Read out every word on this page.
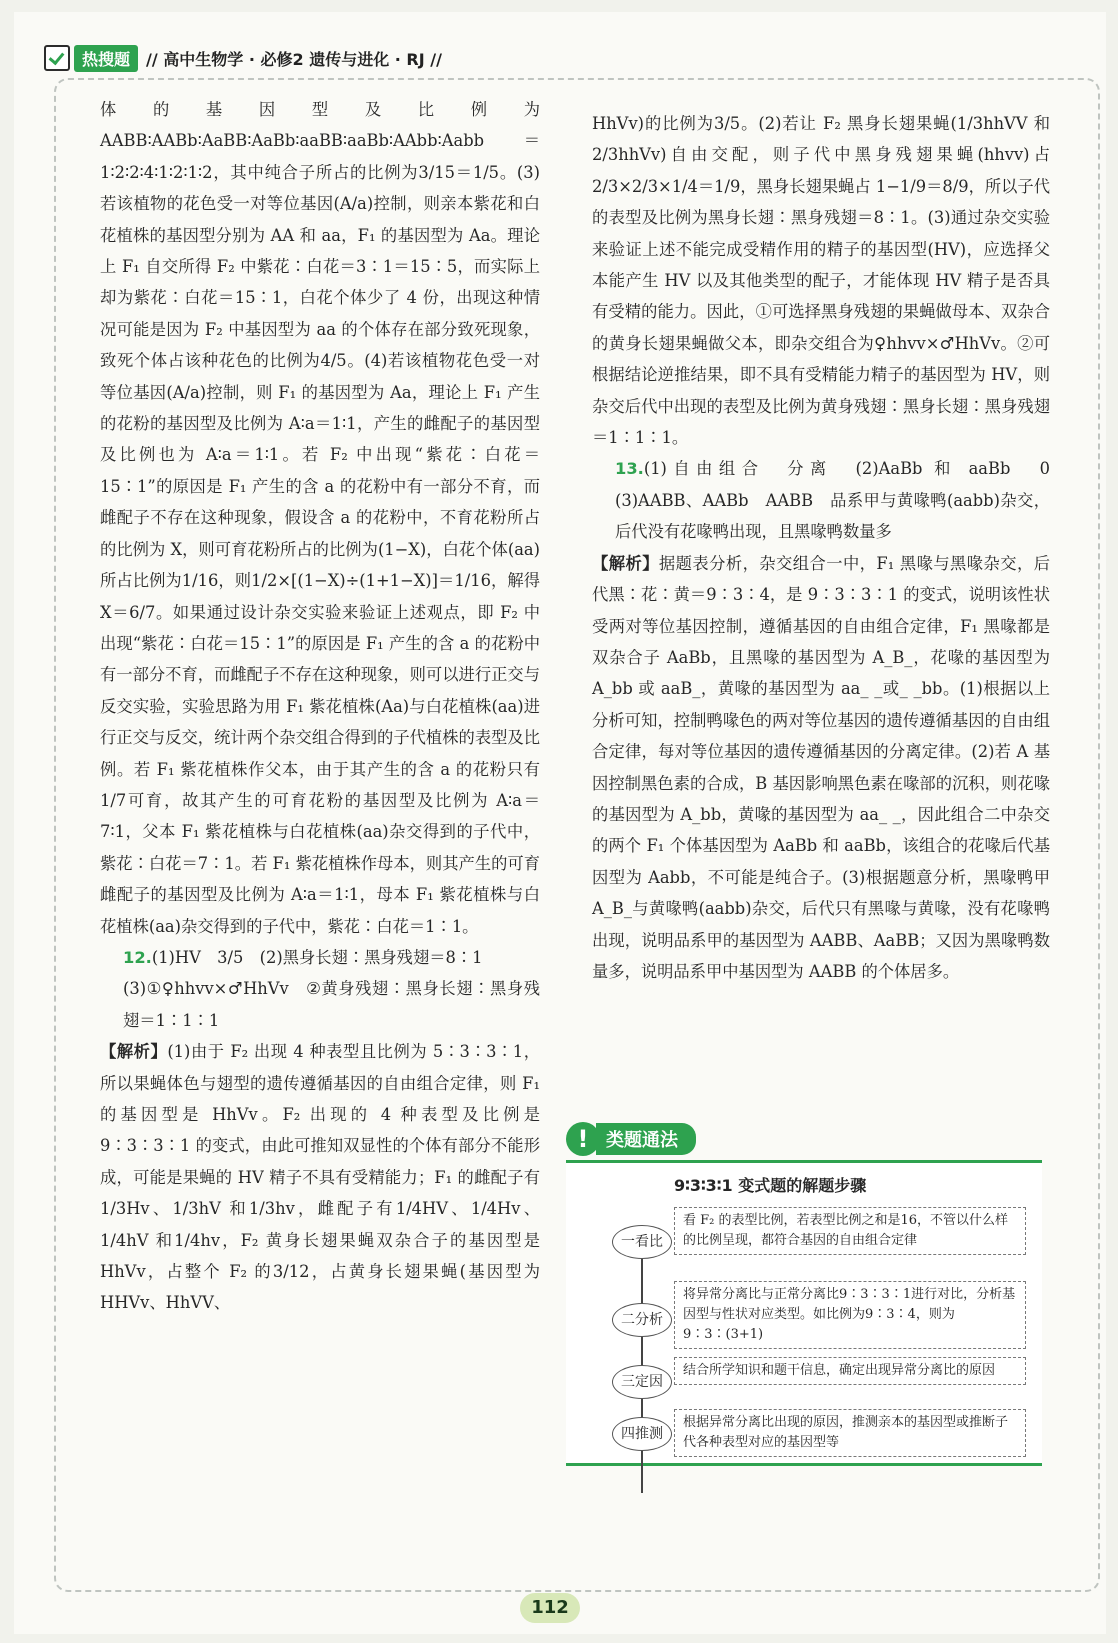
热搜题	// 高中生物学 · 必修2 遗传与进化 · RJ //

体的基因型及比例为 AABB∶AABb∶AaBB∶AaBb∶aaBB∶aaBb∶AAbb∶Aabb＝1∶2∶2∶4∶1∶2∶1∶2，其中纯合子所占的比例为3/15＝1/5。(3)若该植物的花色受一对等位基因(A/a)控制，则亲本紫花和白花植株的基因型分别为 AA 和 aa，F₁ 的基因型为 Aa。理论上 F₁ 自交所得 F₂ 中紫花∶白花＝3∶1＝15∶5，而实际上却为紫花∶白花＝15∶1，白花个体少了 4 份，出现这种情况可能是因为 F₂ 中基因型为 aa 的个体存在部分致死现象，致死个体占该种花色的比例为4/5。(4)若该植物花色受一对等位基因(A/a)控制，则 F₁ 的基因型为 Aa，理论上 F₁ 产生的花粉的基因型及比例为 A∶a＝1∶1，产生的雌配子的基因型及比例也为 A∶a＝1∶1。若 F₂ 中出现“紫花∶白花＝15∶1”的原因是 F₁ 产生的含 a 的花粉中有一部分不育，而雌配子不存在这种现象，假设含 a 的花粉中，不育花粉所占的比例为 X，则可育花粉所占的比例为(1−X)，白花个体(aa)所占比例为1/16，则1/2×[(1−X)÷(1+1−X)]＝1/16，解得 X＝6/7。如果通过设计杂交实验来验证上述观点，即 F₂ 中出现“紫花∶白花＝15∶1”的原因是 F₁ 产生的含 a 的花粉中有一部分不育，而雌配子不存在这种现象，则可以进行正交与反交实验，实验思路为用 F₁ 紫花植株(Aa)与白花植株(aa)进行正交与反交，统计两个杂交组合得到的子代植株的表型及比例。若 F₁ 紫花植株作父本，由于其产生的含 a 的花粉只有1/7可育，故其产生的可育花粉的基因型及比例为 A∶a＝7∶1，父本 F₁ 紫花植株与白花植株(aa)杂交得到的子代中，紫花∶白花＝7∶1。若 F₁ 紫花植株作母本，则其产生的可育雌配子的基因型及比例为 A∶a＝1∶1，母本 F₁ 紫花植株与白花植株(aa)杂交得到的子代中，紫花∶白花＝1∶1。

12.(1)HV　3/5　(2)黑身长翅∶黑身残翅＝8∶1

(3)①♀hhvv×♂HhVv　②黄身残翅∶黑身长翅∶黑身残翅＝1∶1∶1

【解析】(1)由于 F₂ 出现 4 种表型且比例为 5∶3∶3∶1，所以果蝇体色与翅型的遗传遵循基因的自由组合定律，则 F₁ 的基因型是 HhVv。F₂ 出现的 4 种表型及比例是 9∶3∶3∶1 的变式，由此可推知双显性的个体有部分不能形成，可能是果蝇的 HV 精子不具有受精能力；F₁ 的雌配子有1/3Hv、1/3hV 和1/3hv，雌配子有1/4HV、1/4Hv、1/4hV 和1/4hv，F₂ 黄身长翅果蝇双杂合子的基因型是 HhVv，占整个 F₂ 的3/12，占黄身长翅果蝇(基因型为 HHVv、HhVV、

HhVv)的比例为3/5。(2)若让 F₂ 黑身长翅果蝇(1/3hhVV 和2/3hhVv)自由交配，则子代中黑身残翅果蝇(hhvv)占2/3×2/3×1/4＝1/9，黑身长翅果蝇占 1−1/9＝8/9，所以子代的表型及比例为黑身长翅∶黑身残翅＝8∶1。(3)通过杂交实验来验证上述不能完成受精作用的精子的基因型(HV)，应选择父本能产生 HV 以及其他类型的配子，才能体现 HV 精子是否具有受精的能力。因此，①可选择黑身残翅的果蝇做母本、双杂合的黄身长翅果蝇做父本，即杂交组合为♀hhvv×♂HhVv。②可根据结论逆推结果，即不具有受精能力精子的基因型为 HV，则杂交后代中出现的表型及比例为黄身残翅∶黑身长翅∶黑身残翅＝1∶1∶1。

13.(1)自由组合　分离　(2)AaBb 和 aaBb　0　(3)AABB、AABb　AABB　品系甲与黄喙鸭(aabb)杂交，后代没有花喙鸭出现，且黑喙鸭数量多

【解析】据题表分析，杂交组合一中，F₁ 黑喙与黑喙杂交，后代黑∶花∶黄＝9∶3∶4，是 9∶3∶3∶1 的变式，说明该性状受两对等位基因控制，遵循基因的自由组合定律，F₁ 黑喙都是双杂合子 AaBb，且黑喙的基因型为 A_B_，花喙的基因型为 A_bb 或 aaB_，黄喙的基因型为 aa_ _或_ _bb。(1)根据以上分析可知，控制鸭喙色的两对等位基因的遗传遵循基因的自由组合定律，每对等位基因的遗传遵循基因的分离定律。(2)若 A 基因控制黑色素的合成，B 基因影响黑色素在喙部的沉积，则花喙的基因型为 A_bb，黄喙的基因型为 aa_ _，因此组合二中杂交的两个 F₁ 个体基因型为 AaBb 和 aaBb，该组合的花喙后代基因型为 Aabb，不可能是纯合子。(3)根据题意分析，黑喙鸭甲 A_B_与黄喙鸭(aabb)杂交，后代只有黑喙与黄喙，没有花喙鸭出现，说明品系甲的基因型为 AABB、AaBB；又因为黑喙鸭数量多，说明品系甲中基因型为 AABB 的个体居多。

! 类题通法
9∶3∶3∶1 变式题的解题步骤
一看比
看 F₂ 的表型比例，若表型比例之和是16，不管以什么样的比例呈现，都符合基因的自由组合定律
二分析
将异常分离比与正常分离比9∶3∶3∶1进行对比，分析基因型与性状对应类型。如比例为9∶3∶4，则为9∶3∶(3+1)
三定因
结合所学知识和题干信息，确定出现异常分离比的原因
四推测
根据异常分离比出现的原因，推测亲本的基因型或推断子代各种表型对应的基因型等
112
